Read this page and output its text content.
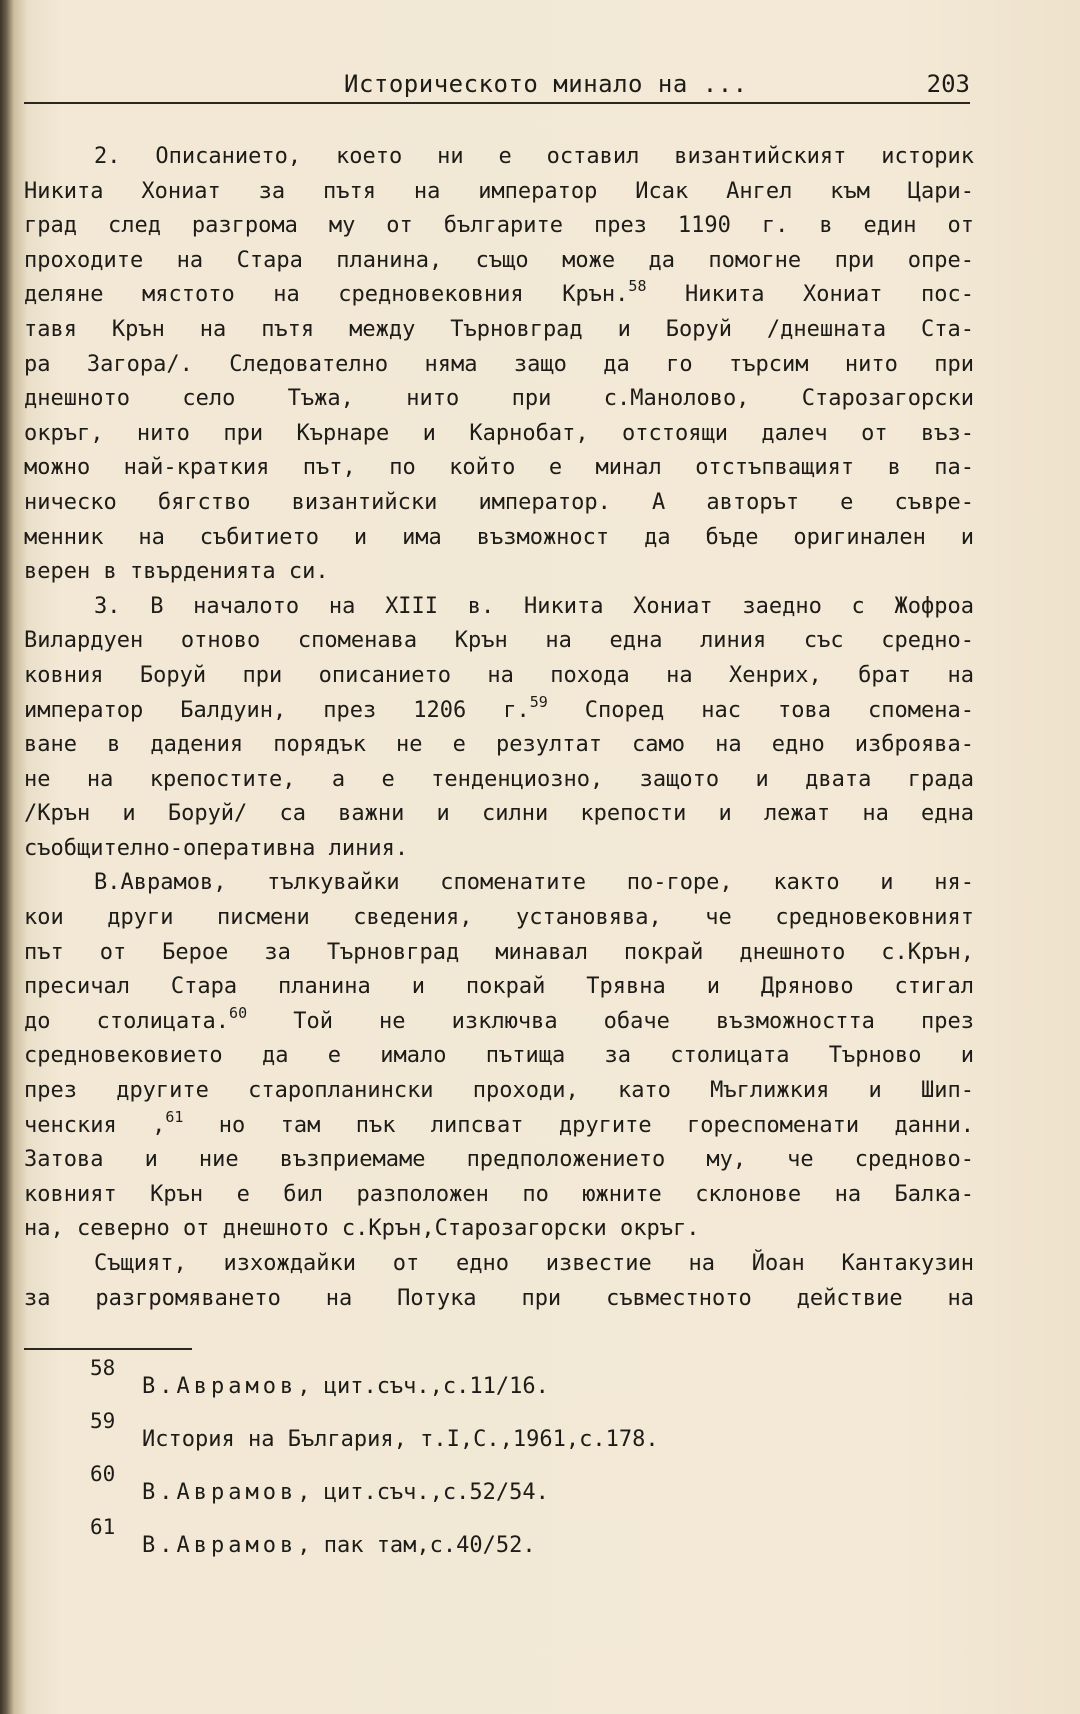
Историческото минало на ...	203
2. Описанието, което ни е оставил византийският историк
Никита Хониат за пътя на император Исак Ангел към Цари-
град след разгрома му от българите през 1190 г. в един от
проходите на Стара планина, също може да помогне при опре-
деляне мястото на средновековния Крън.$^{58}$ Никита Хониат пос-
тавя Крън на пътя между Търновград и Боруй /днешната Ста-
ра Загора/. Следователно няма защо да го търсим нито при
днешното село Тъжа, нито при с.Манолово, Старозагорски
окръг, нито при Кърнаре и Карнобат, отстоящи далеч от въз-
можно най-краткия път, по който е минал отстъпващият в па-
ническо бягство византийски император. А авторът е съвре-
менник на събитието и има възможност да бъде оригинален и
верен в твърденията си.
3. В началото на XIII в. Никита Хониат заедно с Жофроа
Вилардуен отново споменава Крън на една линия със средно-
ковния Боруй при описанието на похода на Хенрих, брат на
император Балдуин, през 1206 г.$^{59}$ Според нас това спомена-
ване в дадения порядък не е резултат само на едно изброява-
не на крепостите, а е тенденциозно, защото и двата града
/Крън и Боруй/ са важни и силни крепости и лежат на една
съобщително-оперативна линия.
В.Аврамов, тълкувайки споменатите по-горе, както и ня-
кои други писмени сведения, установява, че средновековният
път от Берое за Търновград минавал покрай днешното с.Крън,
пресичал Стара планина и покрай Трявна и Дряново стигал
до столицата.$^{60}$ Той не изключва обаче възможността през
средновековието да е имало пътища за столицата Търново и
през другите старопланински проходи, като Мъглижкия и Шип-
ченския ,$^{61}$ но там пък липсват другите гореспоменати данни.
Затова и ние възприемаме предположението му, че средново-
ковният Крън е бил разположен по южните склонове на Балка-
на, северно от днешното с.Крън,Старозагорски окръг.
Същият, изхождайки от едно известие на Йоан Кантакузин
за разгромяването на Потука при съвместното действие на
58
В.Аврамов, цит.съч.,с.11/16.
59
История на България, т.I,С.,1961,с.178.
60
В.Аврамов, цит.съч.,с.52/54.
61
В.Аврамов, пак там,с.40/52.
